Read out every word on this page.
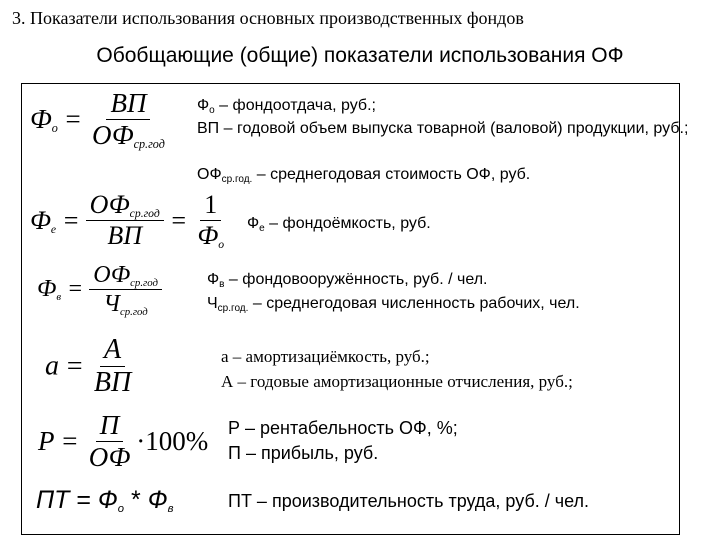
3. Показатели использования основных производственных фондов
Обобщающие (общие) показатели использования ОФ
Фо = $\frac{ВП}{\text{ОФср.год}}$
Фе = $\frac{\text{ОФср.год}}{ВП} = \frac{1}{Фо}$
Фв = $\frac{\text{ОФср.год}}{\text{Чср.год}}$
$a = \frac{А}{ВП}$
$Р = \frac{П}{ОФ} \cdot 100\%$
ПТ = Фо * Фв
Фо – фондоотдача, руб.;
ВП – годовой объем выпуска товарной (валовой) продукции, руб.;
ОФср.год. – среднегодовая стоимость ОФ, руб.
Фе – фондоёмкость, руб.
Фв – фондовооружённость, руб. / чел.
Чср.год. – среднегодовая численность рабочих, чел.
а – амортизациёмкость, руб.;
А – годовые амортизационные отчисления, руб.;
Р – рентабельность ОФ, %;
П – прибыль, руб.
ПТ – производительность труда, руб. / чел.
